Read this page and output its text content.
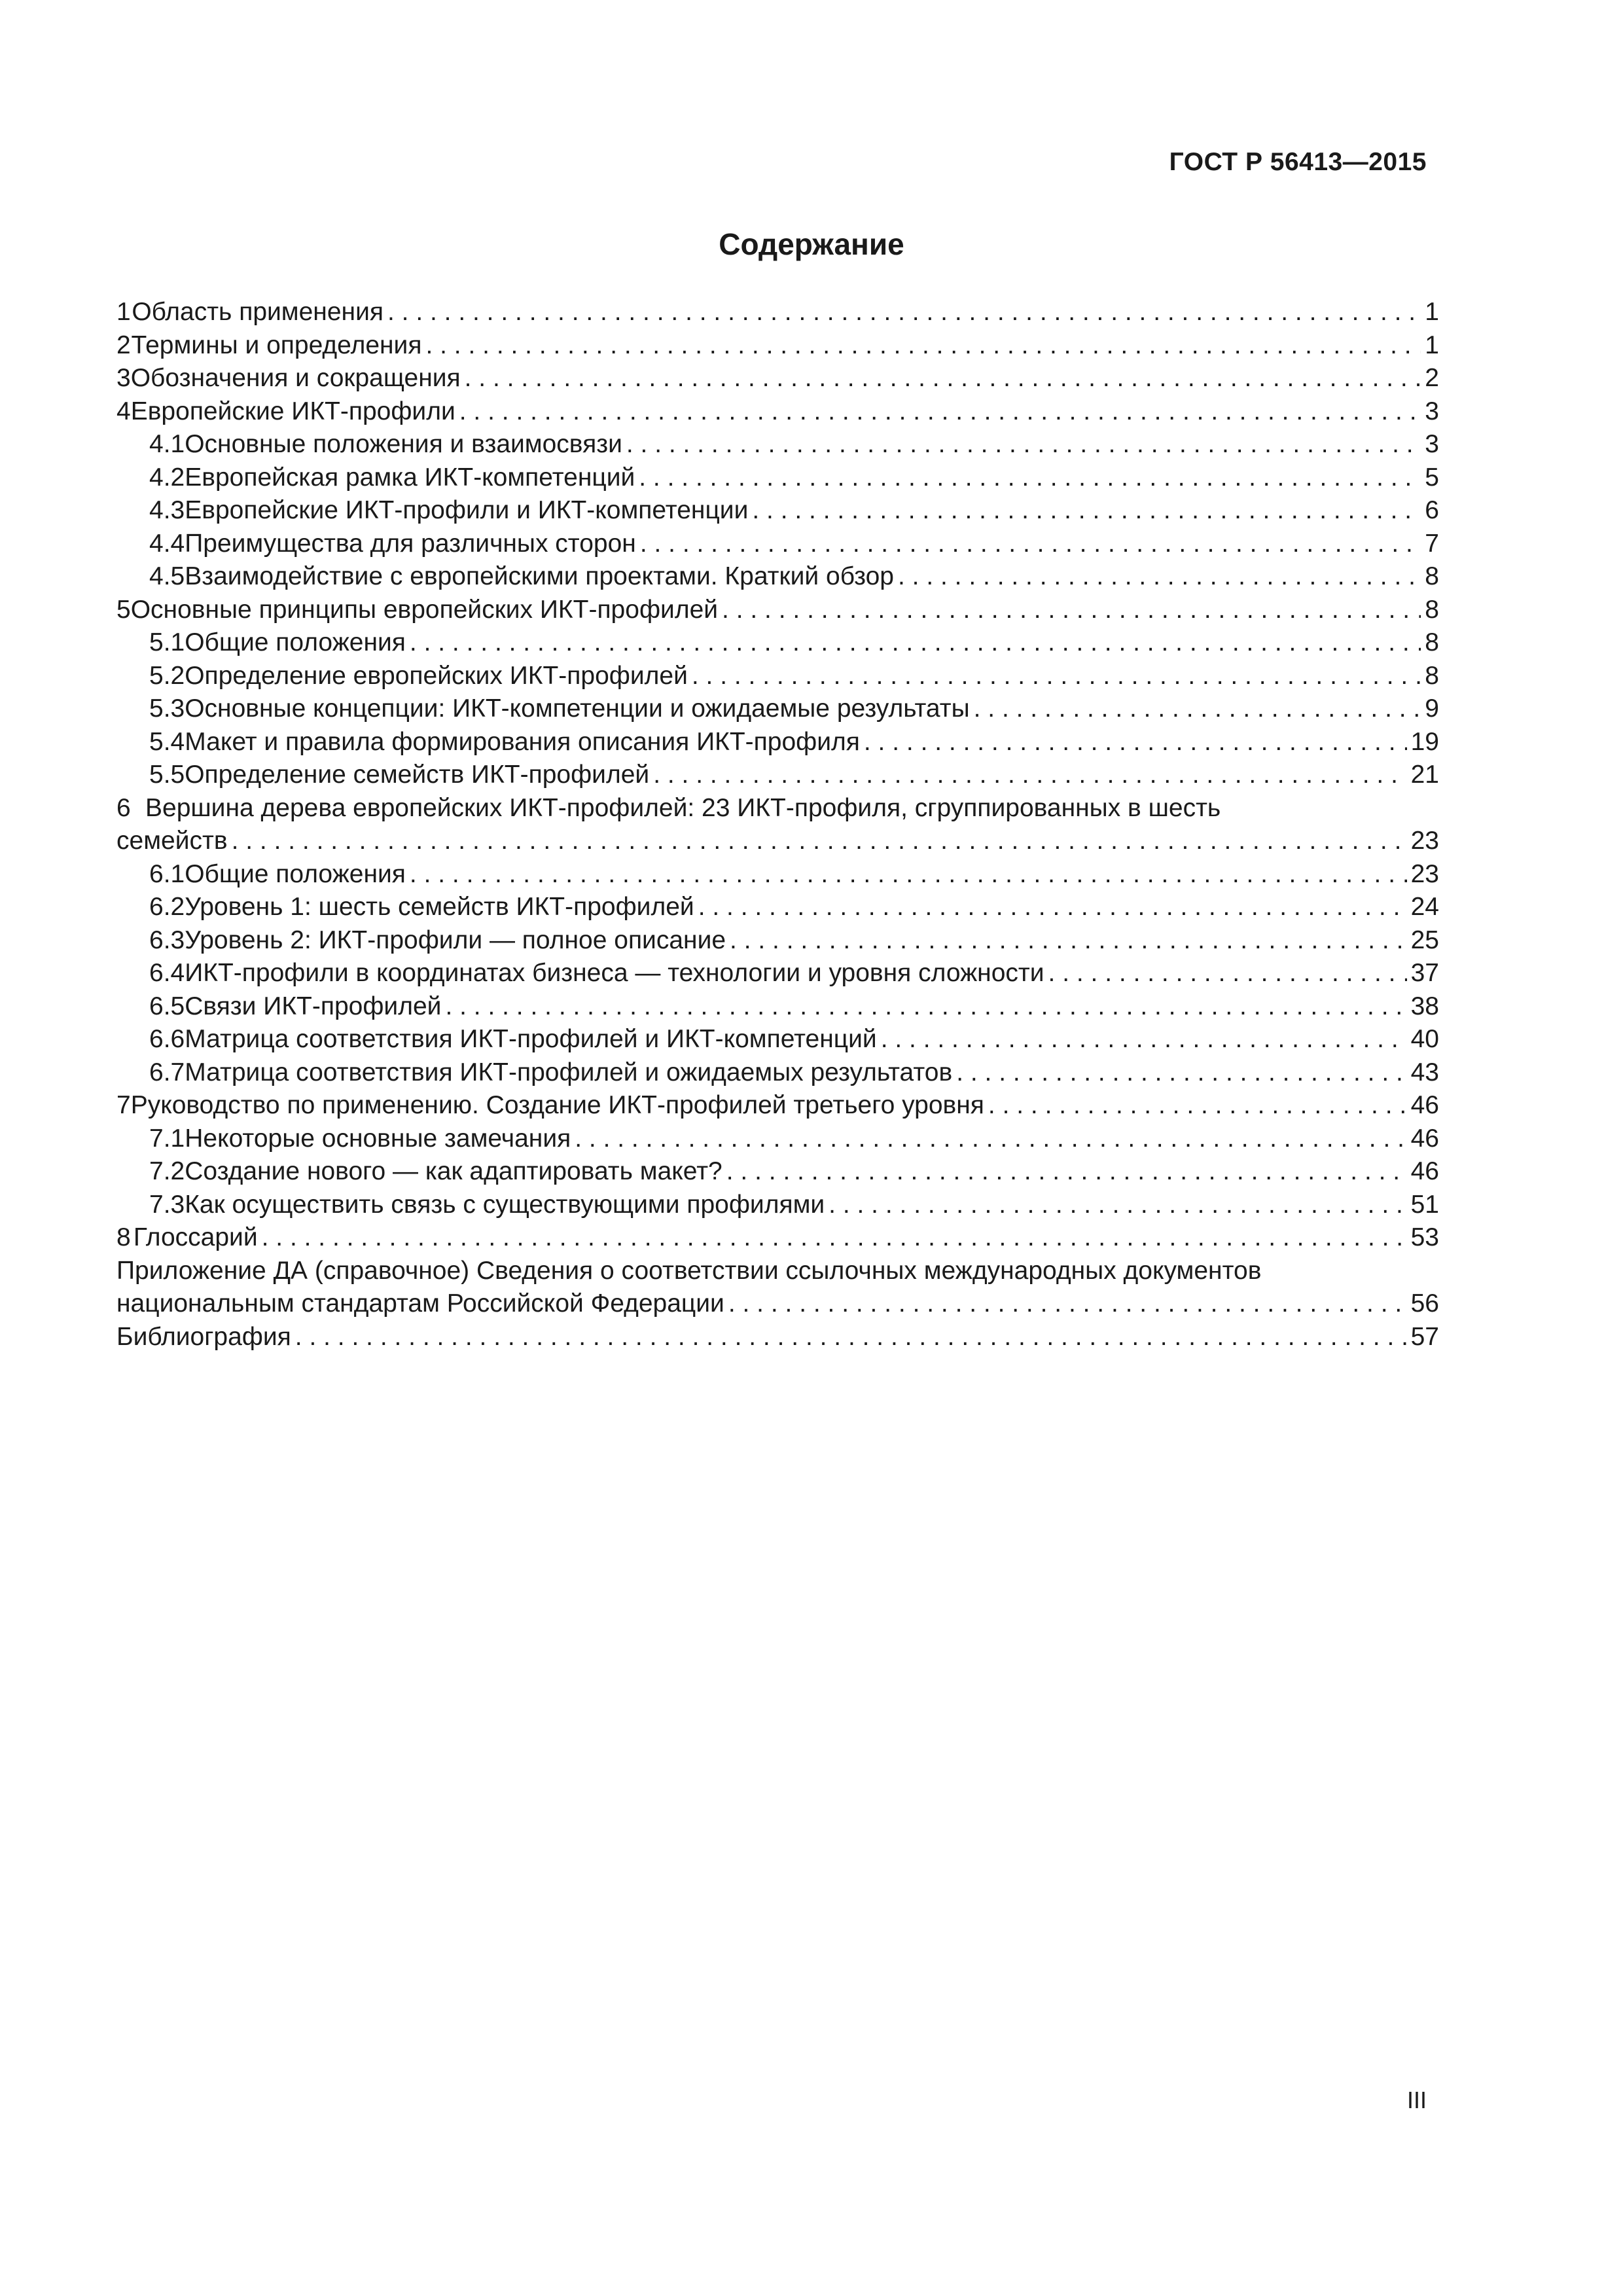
ГОСТ Р 56413—2015
Содержание
1 Область применения . . .	1
2 Термины и определения . . .	1
3 Обозначения и сокращения . . .	2
4 Европейские ИКТ-профили . . .	3
4.1 Основные положения и взаимосвязи . . .	3
4.2 Европейская рамка ИКТ-компетенций . . .	5
4.3 Европейские ИКТ-профили и ИКТ-компетенции . . .	6
4.4 Преимущества для различных сторон . . .	7
4.5 Взаимодействие с европейскими проектами. Краткий обзор . . .	8
5 Основные принципы европейских ИКТ-профилей . . .	8
5.1 Общие положения . . .	8
5.2 Определение европейских ИКТ-профилей . . .	8
5.3 Основные концепции: ИКТ-компетенции и ожидаемые результаты . . .	9
5.4 Макет и правила формирования описания ИКТ-профиля . . .	19
5.5 Определение семейств ИКТ-профилей . . .	21
6 Вершина дерева европейских ИКТ-профилей: 23 ИКТ-профиля, сгруппированных в шесть
семейств . . .	23
6.1 Общие положения . . .	23
6.2 Уровень 1: шесть семейств ИКТ-профилей . . .	24
6.3 Уровень 2: ИКТ-профили — полное описание . . .	25
6.4 ИКТ-профили в координатах бизнеса — технологии и уровня сложности . . .	37
6.5 Связи ИКТ-профилей . . .	38
6.6 Матрица соответствия ИКТ-профилей и ИКТ-компетенций . . .	40
6.7 Матрица соответствия ИКТ-профилей и ожидаемых результатов . . .	43
7 Руководство по применению. Создание ИКТ-профилей третьего уровня . . .	46
7.1 Некоторые основные замечания . . .	46
7.2 Создание нового — как адаптировать макет? . . .	46
7.3 Как осуществить связь с существующими профилями . . .	51
8 Глоссарий . . .	53
Приложение ДА (справочное) Сведения о соответствии ссылочных международных документов
национальным стандартам Российской Федерации . . .	56
Библиография . . .	57
III
